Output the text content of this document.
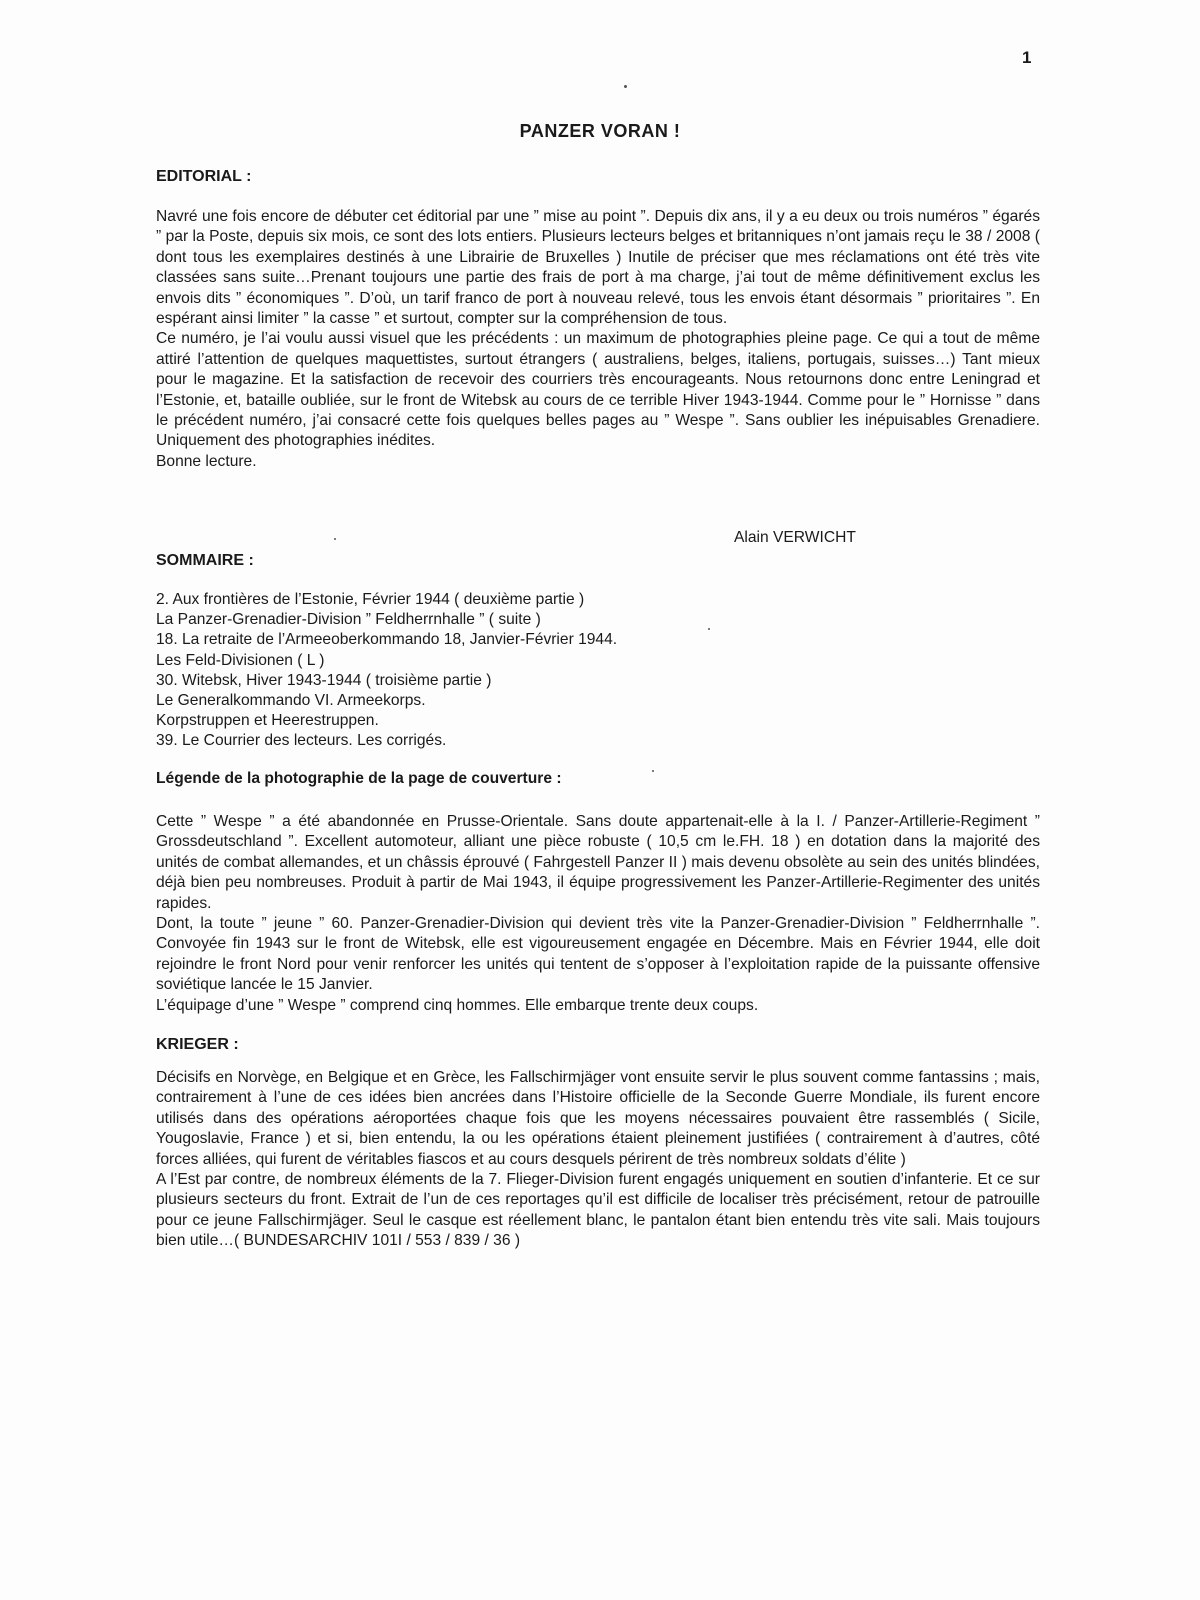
1
PANZER VORAN !
EDITORIAL :

Navré une fois encore de débuter cet éditorial par une ” mise au point ”. Depuis dix ans, il y a eu deux ou trois numéros ” égarés ” par la Poste, depuis six mois, ce sont des lots entiers. Plusieurs lecteurs belges et britanniques n’ont jamais reçu le 38 / 2008 ( dont tous les exemplaires destinés à une Librairie de Bruxelles ) Inutile de préciser que mes réclamations ont été très vite classées sans suite…Prenant toujours une partie des frais de port à ma charge, j’ai tout de même définitivement exclus les envois dits ” économiques ”. D’où, un tarif franco de port à nouveau relevé, tous les envois étant désormais ” prioritaires ”. En espérant ainsi limiter ” la casse ” et surtout, compter sur la compréhension de tous.

Ce numéro, je l’ai voulu aussi visuel que les précédents : un maximum de photographies pleine page. Ce qui a tout de même attiré l’attention de quelques maquettistes, surtout étrangers ( australiens, belges, italiens, portugais, suisses…) Tant mieux pour le magazine. Et la satisfaction de recevoir des courriers très encourageants. Nous retournons donc entre Leningrad et l’Estonie, et, bataille oubliée, sur le front de Witebsk au cours de ce terrible Hiver 1943-1944. Comme pour le ” Hornisse ” dans le précédent numéro, j’ai consacré cette fois quelques belles pages au ” Wespe ”. Sans oublier les inépuisables Grenadiere. Uniquement des photographies inédites.

Bonne lecture.

Alain VERWICHT
SOMMAIRE :
2. Aux frontières de l’Estonie, Février 1944 ( deuxième partie )
La Panzer-Grenadier-Division ” Feldherrnhalle ” ( suite )
18. La retraite de l’Armeeoberkommando 18, Janvier-Février 1944.
Les Feld-Divisionen ( L )
30. Witebsk, Hiver 1943-1944 ( troisième partie )
Le Generalkommando VI. Armeekorps.
Korpstruppen et Heerestruppen.
39. Le Courrier des lecteurs. Les corrigés.
Légende de la photographie de la page de couverture :

Cette ” Wespe ” a été abandonnée en Prusse-Orientale. Sans doute appartenait-elle à la I. / Panzer-Artillerie-Regiment ” Grossdeutschland ”. Excellent automoteur, alliant une pièce robuste ( 10,5 cm le.FH. 18 ) en dotation dans la majorité des unités de combat allemandes, et un châssis éprouvé ( Fahrgestell Panzer II ) mais devenu obsolète au sein des unités blindées, déjà bien peu nombreuses. Produit à partir de Mai 1943, il équipe progressivement les Panzer-Artillerie-Regimenter des unités rapides.

Dont, la toute ” jeune ” 60. Panzer-Grenadier-Division qui devient très vite la Panzer-Grenadier-Division ” Feldherrnhalle ”. Convoyée fin 1943 sur le front de Witebsk, elle est vigoureusement engagée en Décembre. Mais en Février 1944, elle doit rejoindre le front Nord pour venir renforcer les unités qui tentent de s’opposer à l’exploitation rapide de la puissante offensive soviétique lancée le 15 Janvier.

L’équipage d’une ” Wespe ” comprend cinq hommes. Elle embarque trente deux coups.

KRIEGER :

Décisifs en Norvège, en Belgique et en Grèce, les Fallschirmjäger vont ensuite servir le plus souvent comme fantassins ; mais, contrairement à l’une de ces idées bien ancrées dans l’Histoire officielle de la Seconde Guerre Mondiale, ils furent encore utilisés dans des opérations aéroportées chaque fois que les moyens nécessaires pouvaient être rassemblés ( Sicile, Yougoslavie, France ) et si, bien entendu, la ou les opérations étaient pleinement justifiées ( contrairement à d’autres, côté forces alliées, qui furent de véritables fiascos et au cours desquels périrent de très nombreux soldats d’élite )

A l’Est par contre, de nombreux éléments de la 7. Flieger-Division furent engagés uniquement en soutien d’infanterie. Et ce sur plusieurs secteurs du front. Extrait de l’un de ces reportages qu’il est difficile de localiser très précisément, retour de patrouille pour ce jeune Fallschirmjäger. Seul le casque est réellement blanc, le pantalon étant bien entendu très vite sali. Mais toujours bien utile…( BUNDESARCHIV 101I / 553 / 839 / 36 )
